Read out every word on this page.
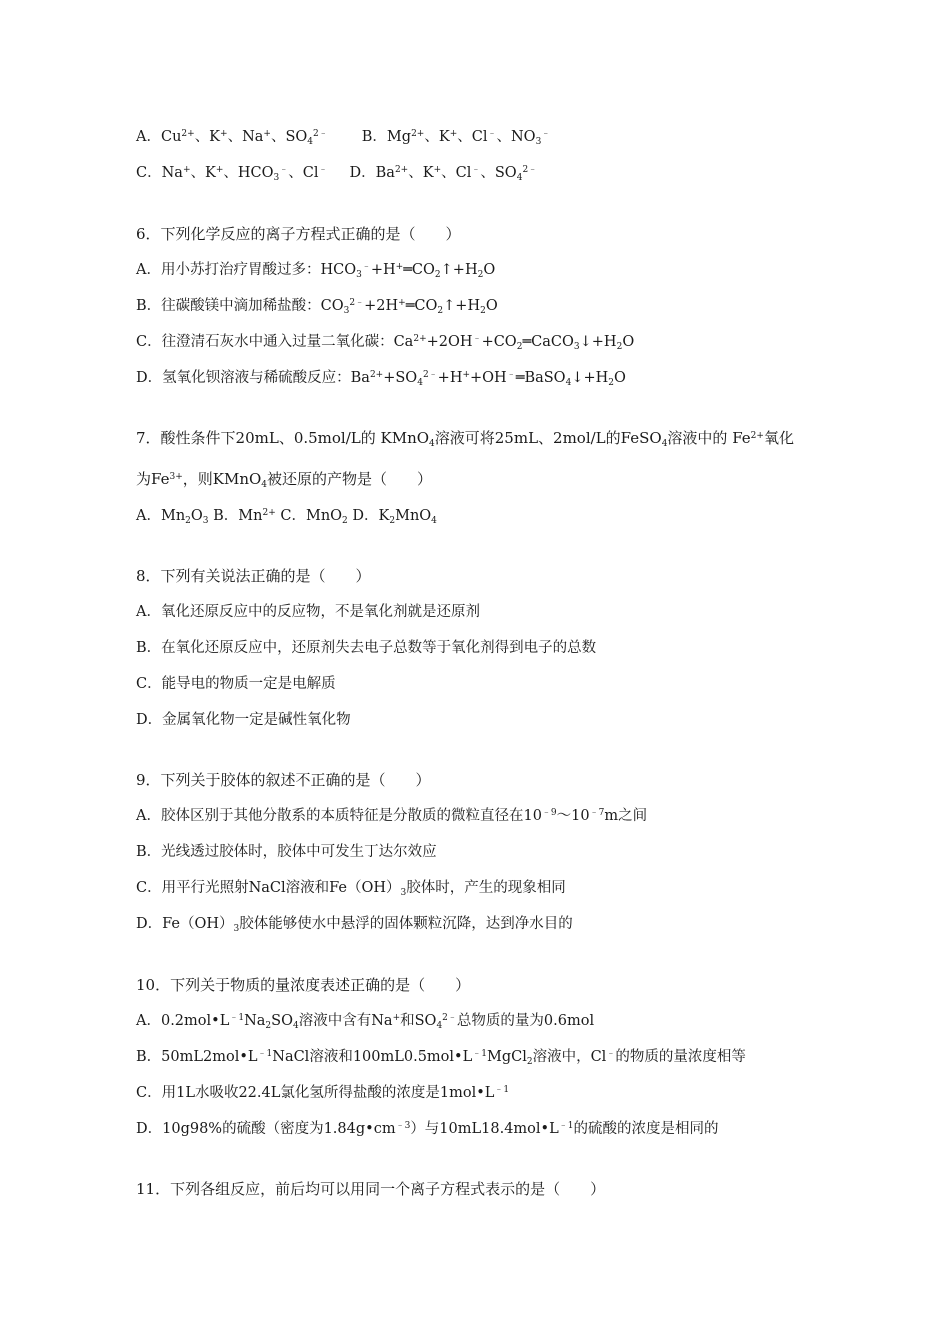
A．$Cu^{2+}$、K+、Na+、$SO_4^{2﹣}$ B．$Mg^{2+}$、K+、Cl﹣、$NO_3^﹣$
C．Na+、K+、$HCO_3^﹣$、Cl﹣ D．$Ba^{2+}$、K+、Cl﹣、$SO_4^{2﹣}$
6．下列化学反应的离子方程式正确的是（　　）
A．用小苏打治疗胃酸过多：$HCO_3^﹣+H^+═CO_2↑+H_2O$
B．往碳酸镁中滴加稀盐酸：$CO_3^{2﹣}+2H^+═CO_2↑+H_2O$
C．往澄清石灰水中通入过量二氧化碳：$Ca^{2+}+2OH^﹣+CO_2═CaCO_3↓+H_2O$
D．氢氧化钡溶液与稀硫酸反应：$Ba^{2+}+SO_4^{2﹣}+H^++OH^﹣═BaSO_4↓+H_2O$
7．酸性条件下20mL、0.5mol/L的 KMnO$_4$溶液可将25mL、2mol/L的FeSO$_4$溶液中的 $Fe^{2+}$氧化
为$Fe^{3+}$，则KMnO$_4$被还原的产物是（　　）
A．$Mn_2O_3$ B．$Mn^{2+}$ C．MnO$_2$ D．$K_2MnO_4$
8．下列有关说法正确的是（　　）
A．氧化还原反应中的反应物，不是氧化剂就是还原剂
B．在氧化还原反应中，还原剂失去电子总数等于氧化剂得到电子的总数
C．能导电的物质一定是电解质
D．金属氧化物一定是碱性氧化物
9．下列关于胶体的叙述不正确的是（　　）
A．胶体区别于其他分散系的本质特征是分散质的微粒直径在$10^{﹣9}\sim 10^{﹣7}m$之间
B．光线透过胶体时，胶体中可发生丁达尔效应
C．用平行光照射NaCl溶液和$Fe(OH)_3$胶体时，产生的现象相同
D．$Fe(OH)_3$胶体能够使水中悬浮的固体颗粒沉降，达到净水目的
10．下列关于物质的量浓度表述正确的是（　　）
A．$0.2mol•L^{﹣1}Na_2SO_4$溶液中含有Na+和$SO_4^{2﹣}$总物质的量为0.6mol
B．$50mL2mol•L^{﹣1}NaCl$溶液和$100mL0.5mol•L^{﹣1}MgCl_2$溶液中，Cl﹣的物质的量浓度相等
C．用1L水吸收22.4L氯化氢所得盐酸的浓度是$1mol•L^{﹣1}$
D．10g98%的硫酸（密度为$1.84g•cm^{﹣3}$）与$10mL18.4mol•L^{﹣1}$的硫酸的浓度是相同的
11．下列各组反应，前后均可以用同一个离子方程式表示的是（　　）
